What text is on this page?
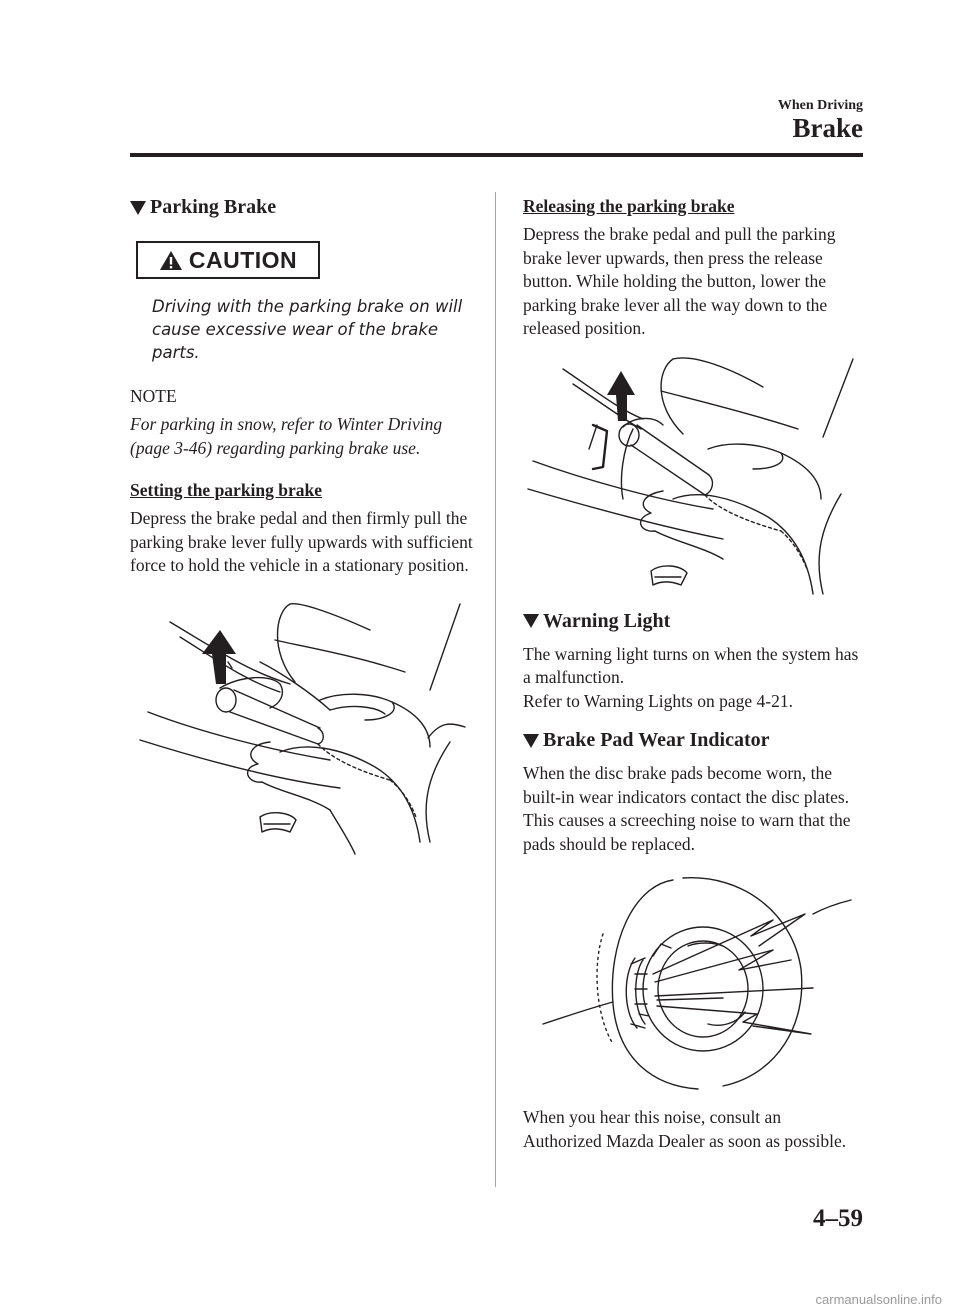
When Driving
Brake
Parking Brake
CAUTION

Driving with the parking brake on will cause excessive wear of the brake parts.

NOTE

For parking in snow, refer to Winter Driving (page 3-46) regarding parking brake use.

Setting the parking brake

Depress the brake pedal and then firmly pull the parking brake lever fully upwards with sufficient force to hold the vehicle in a stationary position.

Releasing the parking brake

Depress the brake pedal and pull the parking brake lever upwards, then press the release button. While holding the button, lower the parking brake lever all the way down to the released position.

Warning Light

The warning light turns on when the system has a malfunction.

Refer to Warning Lights on page 4-21.

Brake Pad Wear Indicator

When the disc brake pads become worn, the built-in wear indicators contact the disc plates. This causes a screeching noise to warn that the pads should be replaced.

When you hear this noise, consult an Authorized Mazda Dealer as soon as possible.

4–59
carmanualsonline.info
